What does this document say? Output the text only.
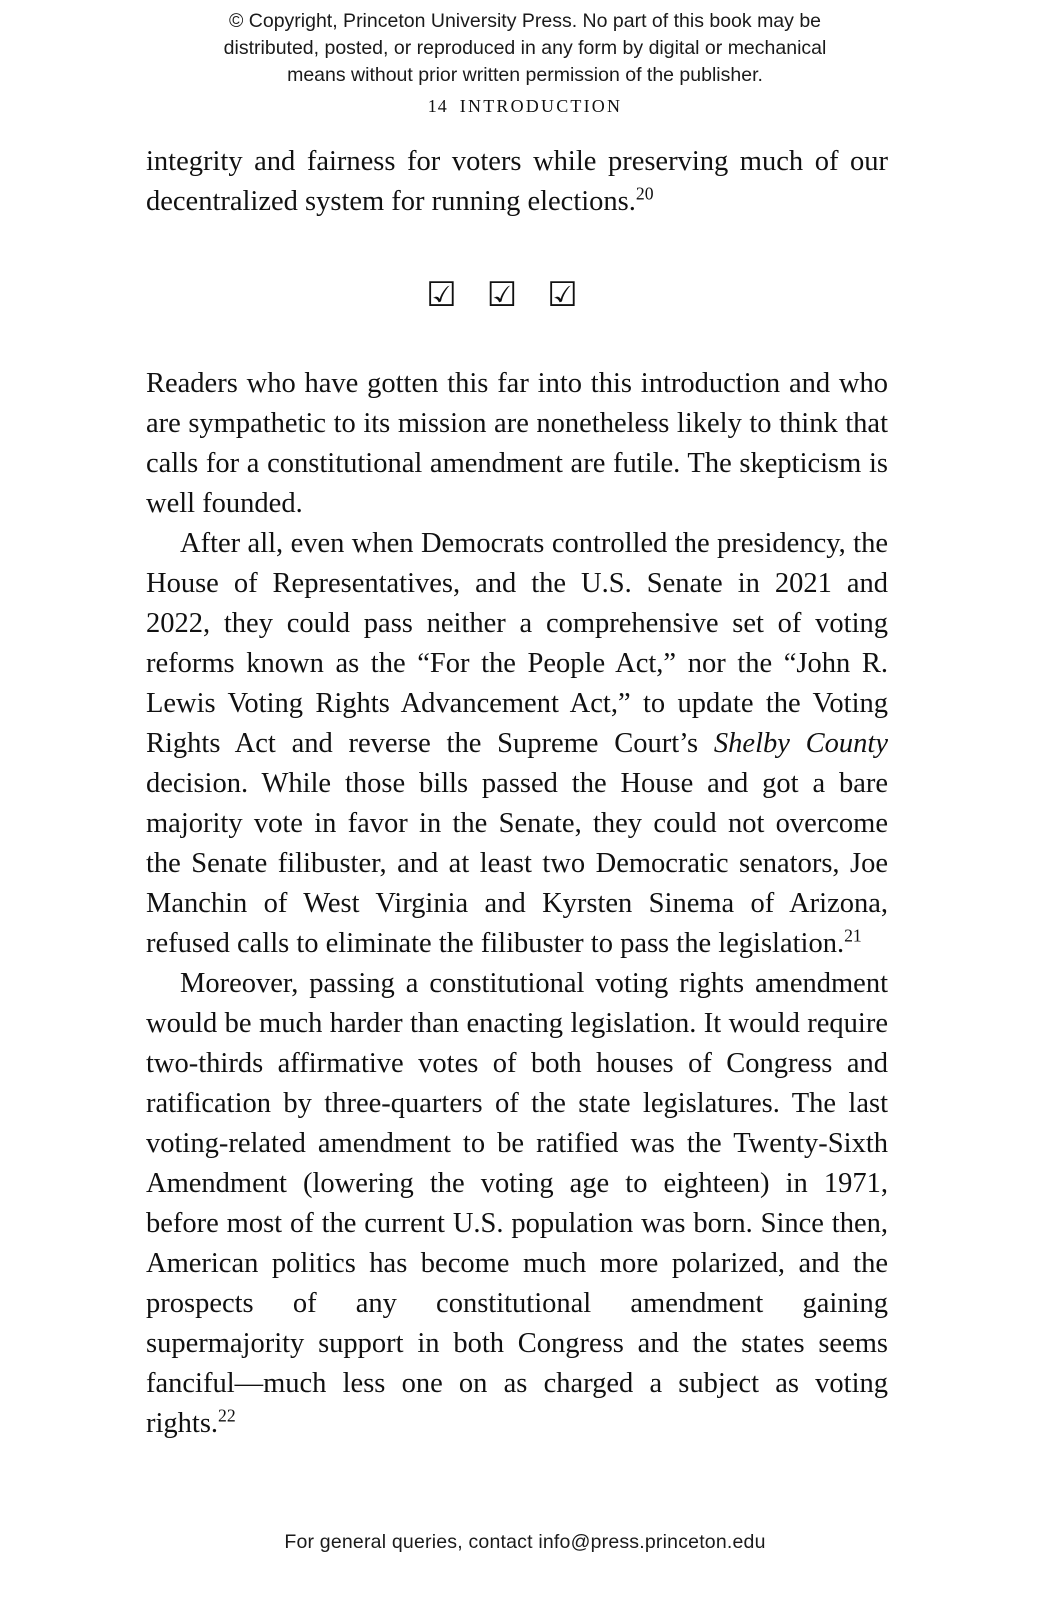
© Copyright, Princeton University Press. No part of this book may be
distributed, posted, or reproduced in any form by digital or mechanical
means without prior written permission of the publisher.
14 INTRODUCTION

integrity and fairness for voters while preserving much of our decentralized system for running elections.$^{20}$

☑☑☑

Readers who have gotten this far into this introduction and who are sympathetic to its mission are nonetheless likely to think that calls for a constitutional amendment are futile. The skepticism is well founded.

After all, even when Democrats controlled the presidency, the House of Representatives, and the U.S. Senate in 2021 and 2022, they could pass neither a comprehensive set of voting reforms known as the “For the People Act,” nor the “John R. Lewis Voting Rights Advancement Act,” to update the Voting Rights Act and reverse the Supreme Court’s Shelby County decision. While those bills passed the House and got a bare majority vote in favor in the Senate, they could not overcome the Senate filibuster, and at least two Democratic senators, Joe Manchin of West Virginia and Kyrsten Sinema of Arizona, refused calls to eliminate the filibuster to pass the legislation.$^{21}$

Moreover, passing a constitutional voting rights amendment would be much harder than enacting legislation. It would require two-thirds affirmative votes of both houses of Congress and ratification by three-quarters of the state legislatures. The last voting-related amendment to be ratified was the Twenty-Sixth Amendment (lowering the voting age to eighteen) in 1971, before most of the current U.S. population was born. Since then, American politics has become much more polarized, and the prospects of any constitutional amendment gaining supermajority support in both Congress and the states seems fanciful—much less one on as charged a subject as voting rights.$^{22}$

For general queries, contact info@press.princeton.edu
